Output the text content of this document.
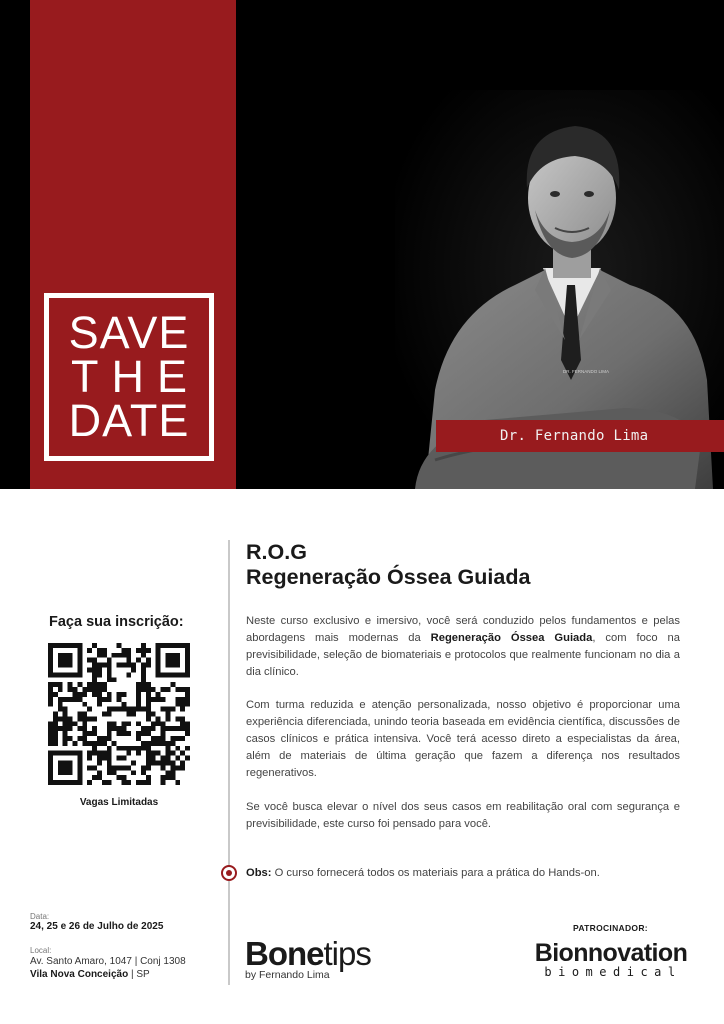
SAVE
THE
DATE
DR. FERNANDO LIMA
Dr. Fernando Lima
R.O.G
Regeneração Óssea Guiada

Neste curso exclusivo e imersivo, você será conduzido pelos fundamentos e pelas abordagens mais modernas da Regeneração Óssea Guiada, com foco na previsibilidade, seleção de biomateriais e protocolos que realmente funcionam no dia a dia clínico.

Com turma reduzida e atenção personalizada, nosso objetivo é proporcionar uma experiência diferenciada, unindo teoria baseada em evidência científica, discussões de casos clínicos e prática intensiva. Você terá acesso direto a especialistas da área, além de materiais de última geração que fazem a diferença nos resultados regenerativos.

Se você busca elevar o nível dos seus casos em reabilitação oral com segurança e previsibilidade, este curso foi pensado para você.

Obs: O curso fornecerá todos os materiais para a prática do Hands-on.
Faça sua inscrição:
Vagas Limitadas
Data:
24, 25 e 26 de Julho de 2025
Local:
Av. Santo Amaro, 1047 | Conj 1308
Vila Nova Conceição | SP
Bonetips
by Fernando Lima
PATROCINADOR:
Bionnovation
biomedical
